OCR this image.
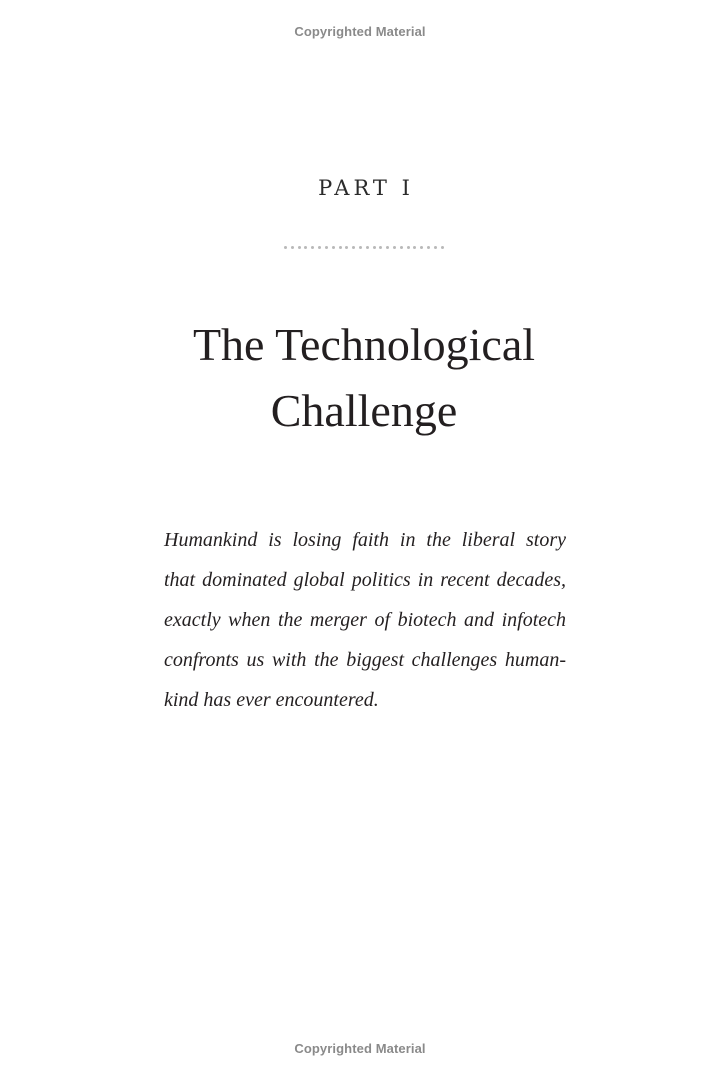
Copyrighted Material
PART I
The Technological
Challenge

Humankind is losing faith in the liberal story
that dominated global politics in recent decades,
exactly when the merger of biotech and infotech
confronts us with the biggest challenges human-
kind has ever encountered.

Copyrighted Material
